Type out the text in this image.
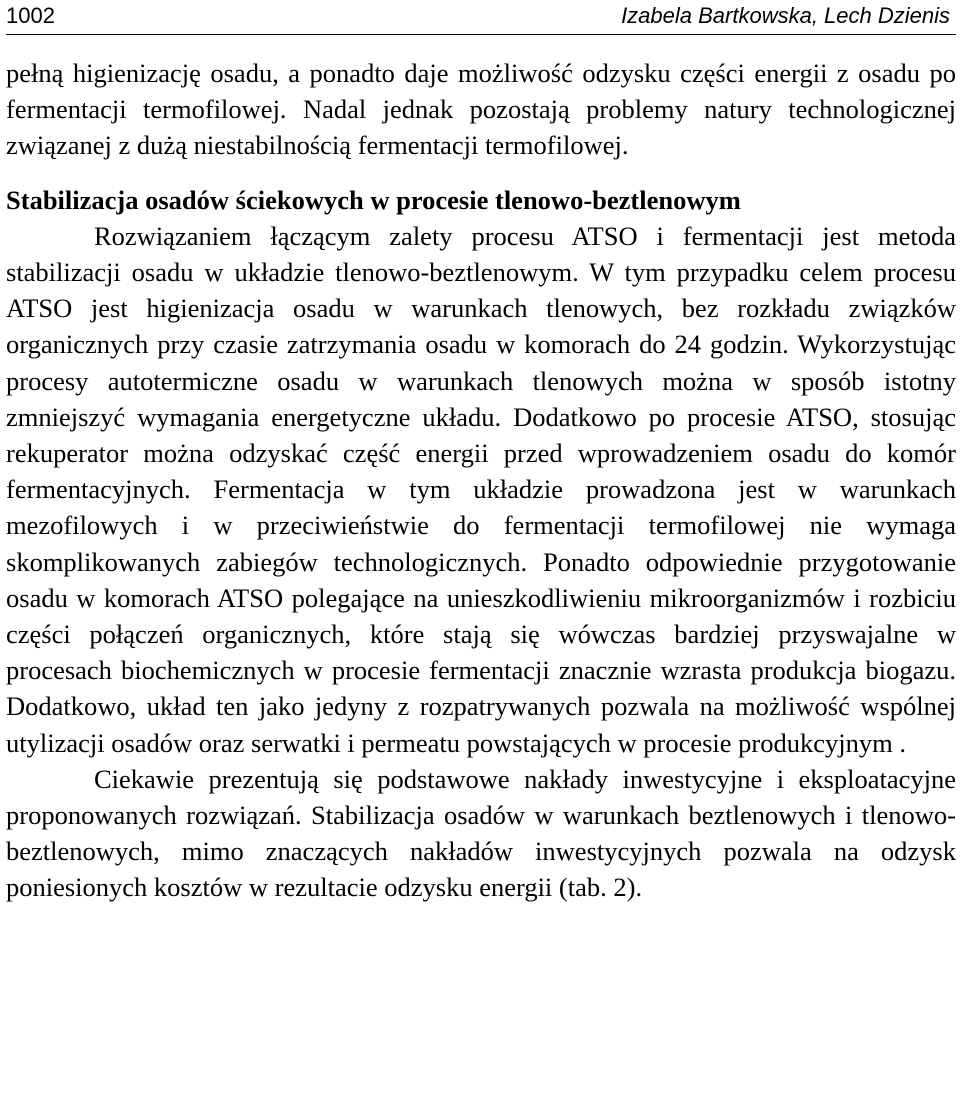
1002	Izabela Bartkowska, Lech Dzienis

pełną higienizację osadu, a ponadto daje możliwość odzysku części energii z osadu po fermentacji termofilowej. Nadal jednak pozostają problemy natury technologicznej związanej z dużą niestabilnością fermentacji termofilowej.

Stabilizacja osadów ściekowych w procesie tlenowo-beztlenowym

Rozwiązaniem łączącym zalety procesu ATSO i fermentacji jest metoda stabilizacji osadu w układzie tlenowo-beztlenowym. W tym przypadku celem procesu ATSO jest higienizacja osadu w warunkach tlenowych, bez rozkładu związków organicznych przy czasie zatrzymania osadu w komorach do 24 godzin. Wykorzystując procesy autotermiczne osadu w warunkach tlenowych można w sposób istotny zmniejszyć wymagania energetyczne układu. Dodatkowo po procesie ATSO, stosując rekuperator można odzyskać część energii przed wprowadzeniem osadu do komór fermentacyjnych. Fermentacja w tym układzie prowadzona jest w warunkach mezofilowych i w przeciwieństwie do fermentacji termofilowej nie wymaga skomplikowanych zabiegów technologicznych. Ponadto odpowiednie przygotowanie osadu w komorach ATSO polegające na unieszkodliwieniu mikroorganizmów i rozbiciu części połączeń organicznych, które stają się wówczas bardziej przyswajalne w procesach biochemicznych w procesie fermentacji znacznie wzrasta produkcja biogazu. Dodatkowo, układ ten jako jedyny z rozpatrywanych pozwala na możliwość wspólnej utylizacji osadów oraz serwatki i permeatu powstających w procesie produkcyjnym .

Ciekawie prezentują się podstawowe nakłady inwestycyjne i eksploatacyjne proponowanych rozwiązań. Stabilizacja osadów w warunkach beztlenowych i tlenowo-beztlenowych, mimo znaczących nakładów inwestycyjnych pozwala na odzysk poniesionych kosztów w rezultacie odzysku energii (tab. 2).
